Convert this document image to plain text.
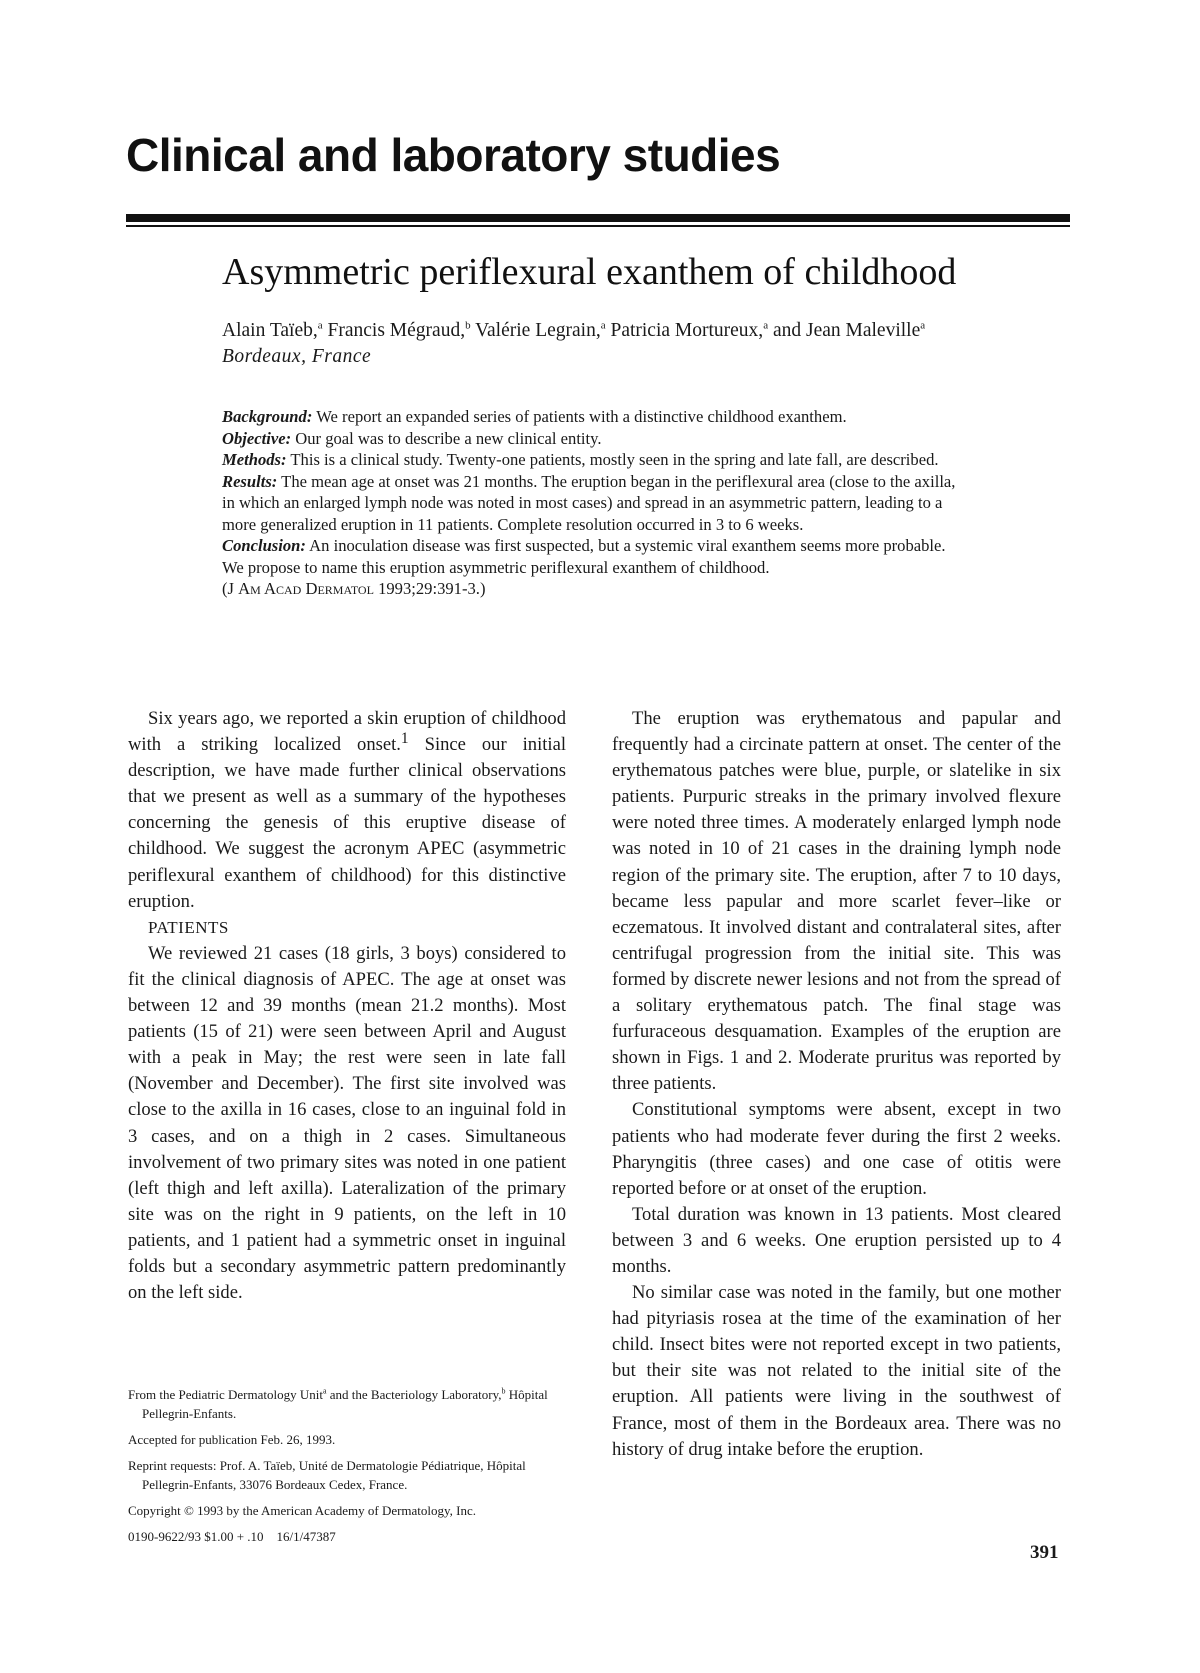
Clinical and laboratory studies
Asymmetric periflexural exanthem of childhood
Alain Taïeb,$^a$ Francis Mégraud,$^b$ Valérie Legrain,$^a$ Patricia Mortureux,$^a$ and Jean Maleville$^a$
Bordeaux, France

Background: We report an expanded series of patients with a distinctive childhood exanthem.

Objective: Our goal was to describe a new clinical entity.

Methods: This is a clinical study. Twenty-one patients, mostly seen in the spring and late fall, are described.

Results: The mean age at onset was 21 months. The eruption began in the periflexural area (close to the axilla, in which an enlarged lymph node was noted in most cases) and spread in an asymmetric pattern, leading to a more generalized eruption in 11 patients. Complete resolution occurred in 3 to 6 weeks.

Conclusion: An inoculation disease was first suspected, but a systemic viral exanthem seems more probable. We propose to name this eruption asymmetric periflexural exanthem of childhood.

(J Am Acad Dermatol 1993;29:391-3.)

Six years ago, we reported a skin eruption of childhood with a striking localized onset.$^1$ Since our initial description, we have made further clinical observations that we present as well as a summary of the hypotheses concerning the genesis of this eruptive disease of childhood. We suggest the acronym APEC (asymmetric periflexural exanthem of childhood) for this distinctive eruption.

PATIENTS

We reviewed 21 cases (18 girls, 3 boys) considered to fit the clinical diagnosis of APEC. The age at onset was between 12 and 39 months (mean 21.2 months). Most patients (15 of 21) were seen between April and August with a peak in May; the rest were seen in late fall (November and December). The first site involved was close to the axilla in 16 cases, close to an inguinal fold in 3 cases, and on a thigh in 2 cases. Simultaneous involvement of two primary sites was noted in one patient (left thigh and left axilla). Lateralization of the primary site was on the right in 9 patients, on the left in 10 patients, and 1 patient had a symmetric onset in inguinal folds but a secondary asymmetric pattern predominantly on the left side.

From the Pediatric Dermatology Unit$^a$ and the Bacteriology Laboratory,$^b$ Hôpital Pellegrin-Enfants.

Accepted for publication Feb. 26, 1993.

Reprint requests: Prof. A. Taïeb, Unité de Dermatologie Pédiatrique, Hôpital Pellegrin-Enfants, 33076 Bordeaux Cedex, France.

Copyright © 1993 by the American Academy of Dermatology, Inc.

0190-9622/93 $1.00 + .10    16/1/47387

The eruption was erythematous and papular and frequently had a circinate pattern at onset. The center of the erythematous patches were blue, purple, or slatelike in six patients. Purpuric streaks in the primary involved flexure were noted three times. A moderately enlarged lymph node was noted in 10 of 21 cases in the draining lymph node region of the primary site. The eruption, after 7 to 10 days, became less papular and more scarlet fever–like or eczematous. It involved distant and contralateral sites, after centrifugal progression from the initial site. This was formed by discrete newer lesions and not from the spread of a solitary erythematous patch. The final stage was furfuraceous desquamation. Examples of the eruption are shown in Figs. 1 and 2. Moderate pruritus was reported by three patients.

Constitutional symptoms were absent, except in two patients who had moderate fever during the first 2 weeks. Pharyngitis (three cases) and one case of otitis were reported before or at onset of the eruption.

Total duration was known in 13 patients. Most cleared between 3 and 6 weeks. One eruption persisted up to 4 months.

No similar case was noted in the family, but one mother had pityriasis rosea at the time of the examination of her child. Insect bites were not reported except in two patients, but their site was not related to the initial site of the eruption. All patients were living in the southwest of France, most of them in the Bordeaux area. There was no history of drug intake before the eruption.

391
